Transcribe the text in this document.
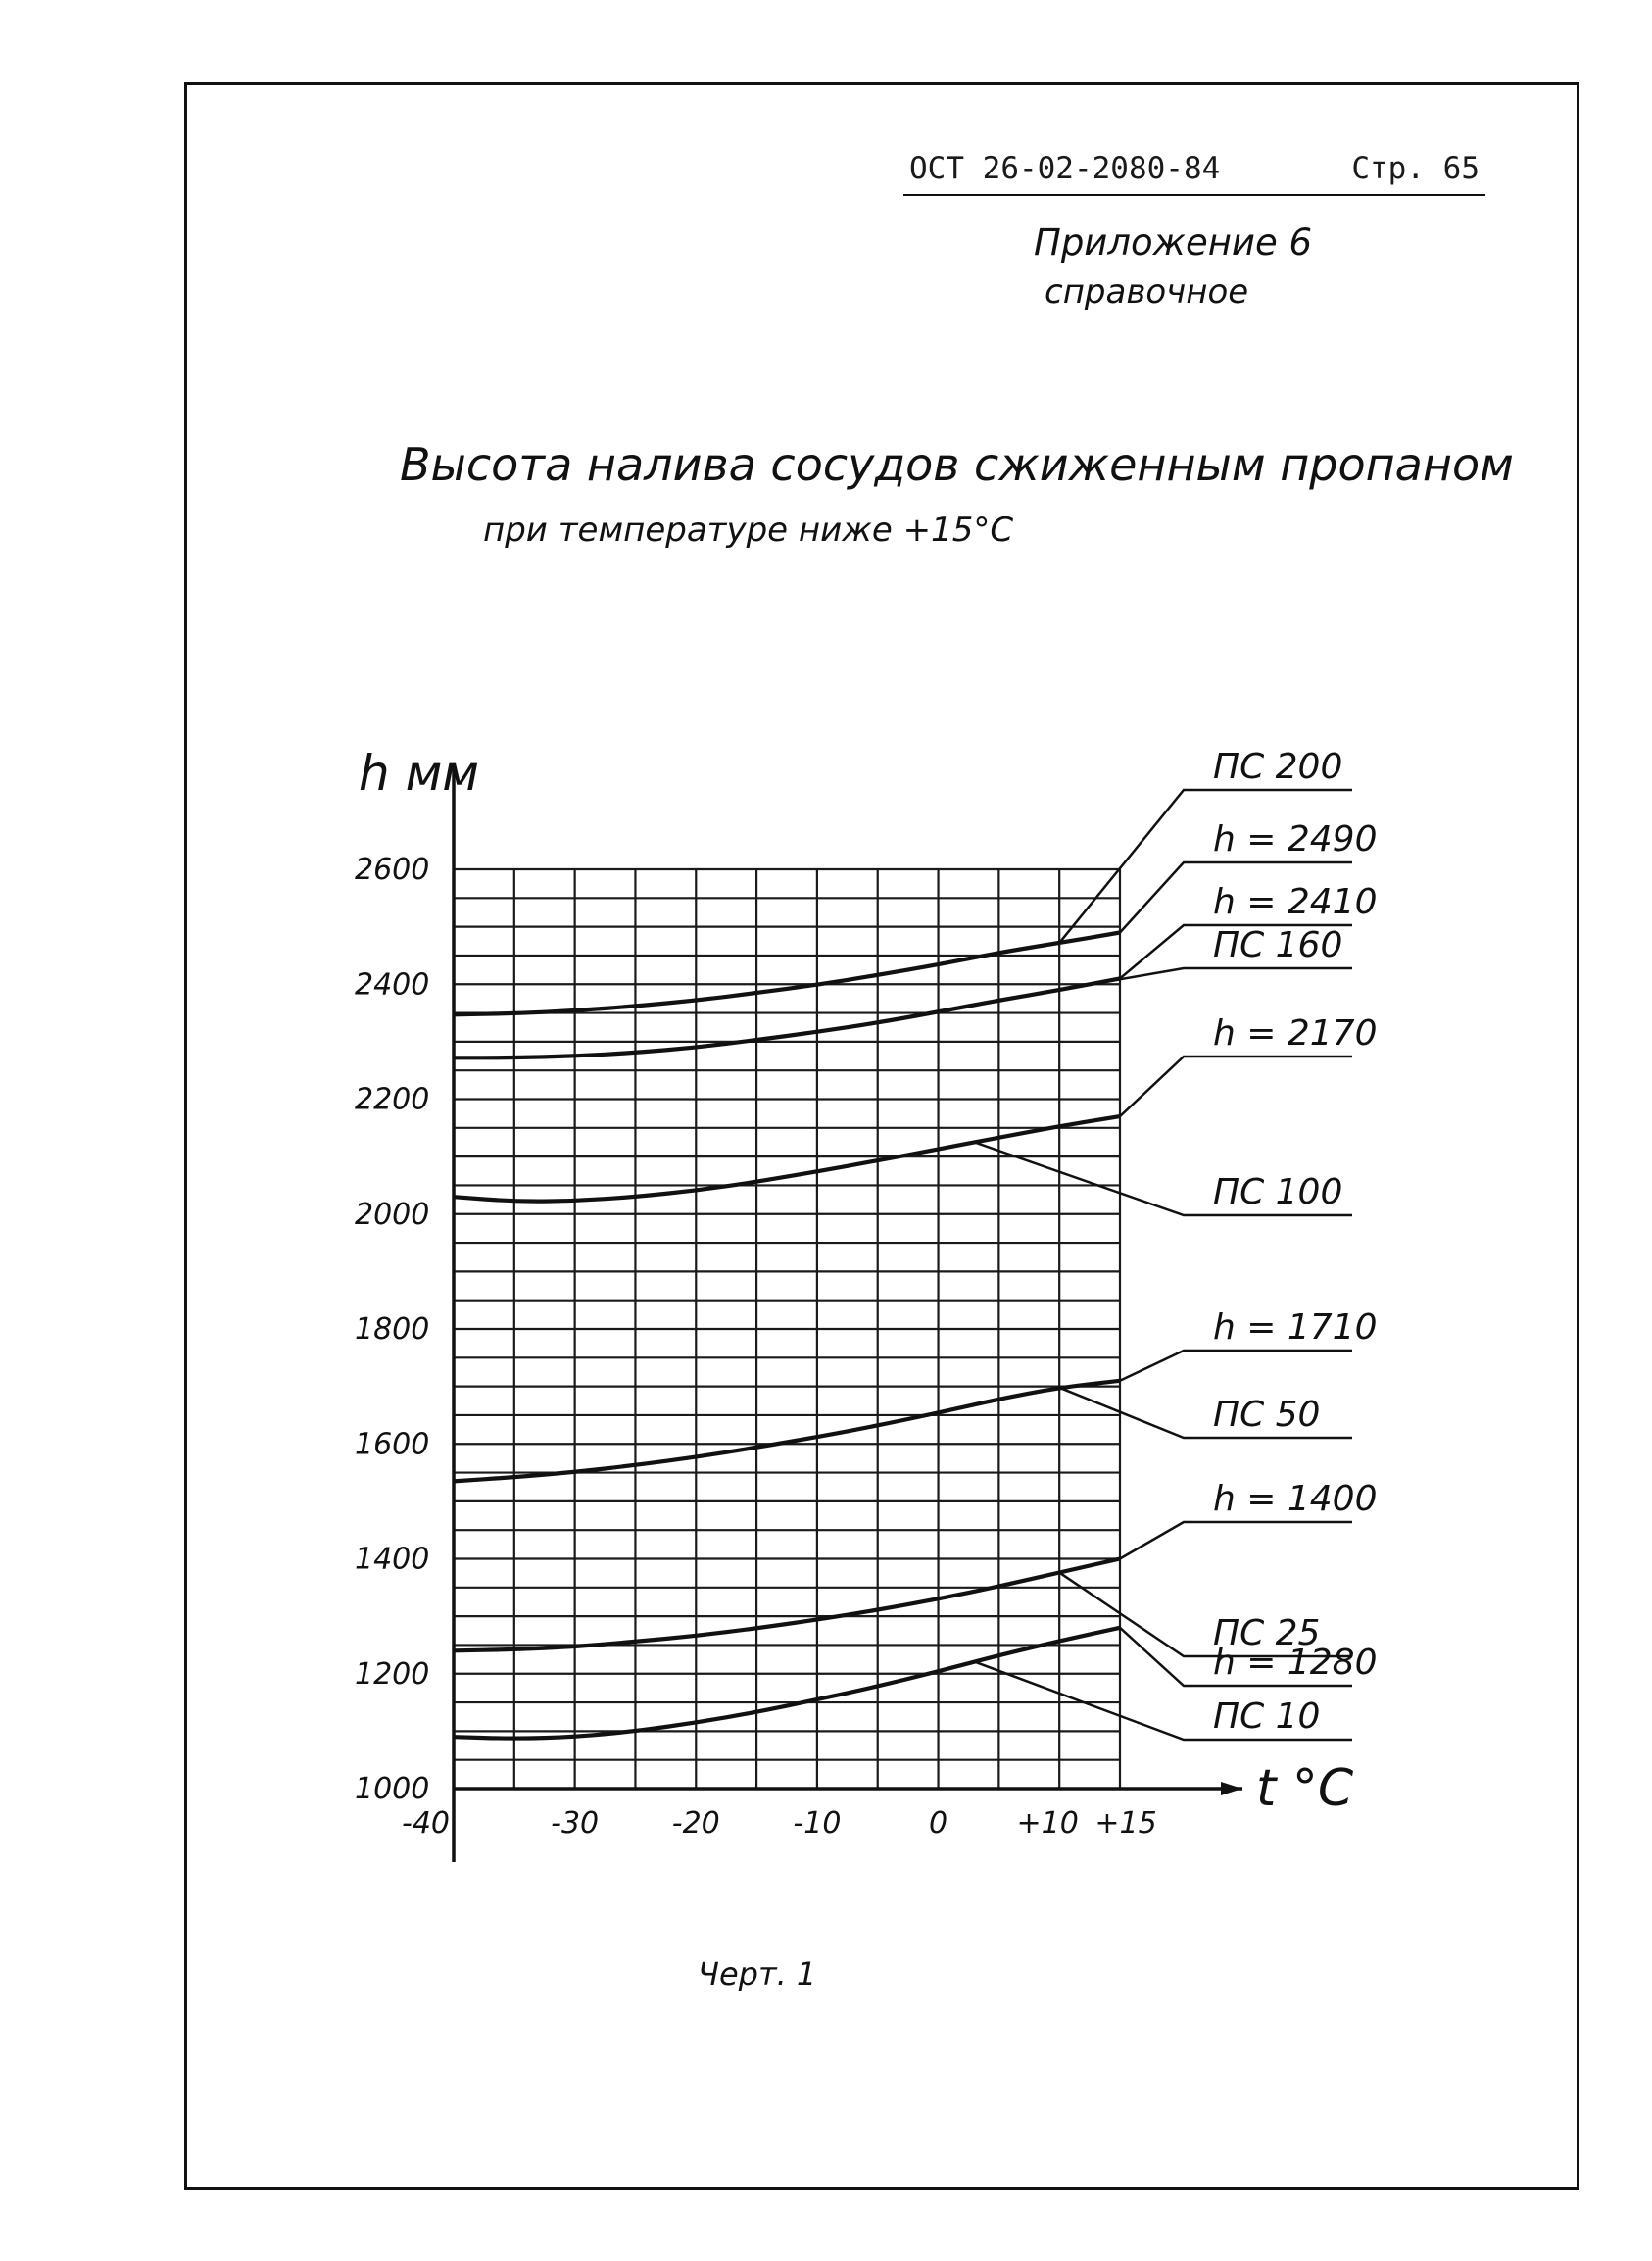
ОСТ 26-02-2080-84	Стр. 65
Приложение 6
справочное
Высота налива сосудов сжиженным пропаном
при температуре ниже +15°С
h мм
t °C
1000
1200
1400
1600
1800
2000
2200
2400
2600
-40	-30 -20 -10	0 +10 +15
ПС 200
h = 2490
ПС 160
h = 2410
ПС 100
h = 2170
ПС 50
h = 1710
ПС 25
h = 1400
ПС 10
h = 1280
Черт. 1
